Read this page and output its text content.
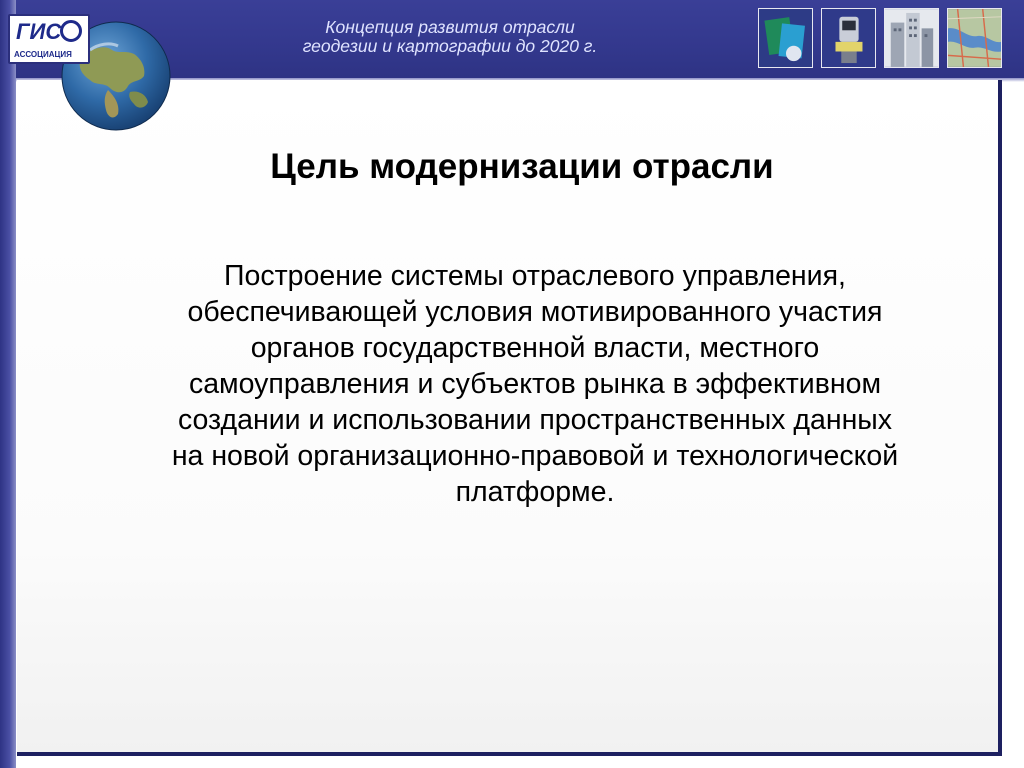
ГИС
АССОЦИАЦИЯ
Концепция развития отрасли
геодезии и картографии до 2020 г.
Цель модернизации отрасли
Построение системы отраслевого управления,
обеспечивающей условия мотивированного участия
органов государственной власти, местного
самоуправления и субъектов рынка в эффективном
создании и использовании пространственных данных
на новой организационно-правовой и технологической
платформе.
